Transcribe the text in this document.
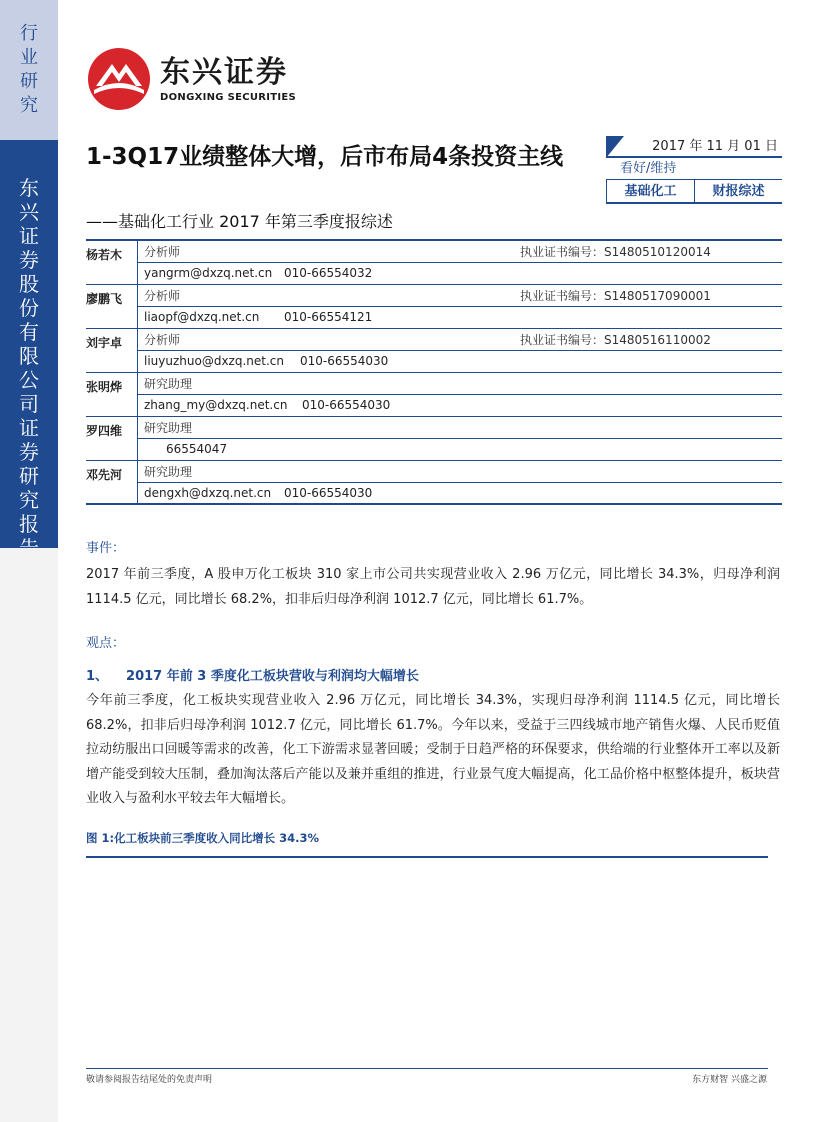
行
业
研
究
东
兴
证
券
股
份
有
限
公
司
证
券
研
究
报
东兴证券
DONGXING SECURITIES
1-3Q17业绩整体大增，后市布局4条投资主线
——基础化工行业 2017 年第三季度报综述
2017 年 11 月 01 日
看好/维持
基础化工	财报综述
杨若木	分析师	执业证书编号：S1480510120014
yangrm@dxzq.net.cn 010-66554032
廖鹏飞	分析师	执业证书编号：S1480517090001
liaopf@dxzq.net.cn	010-66554121
刘宇卓	分析师	执业证书编号：S1480516110002
liuyuzhuo@dxzq.net.cn	010-66554030
张明烨	研究助理
zhang_my@dxzq.net.cn	010-66554030
罗四维	研究助理
66554047
邓先河	研究助理
dengxh@dxzq.net.cn	010-66554030
事件：
2017 年前三季度，A 股申万化工板块 310 家上市公司共实现营业收入 2.96 万亿元，同比增长 34.3%，归母净利润 1114.5 亿元，同比增长 68.2%，扣非后归母净利润 1012.7 亿元，同比增长 61.7%。
观点：
1、 2017 年前 3 季度化工板块营收与利润均大幅增长
今年前三季度，化工板块实现营业收入 2.96 万亿元，同比增长 34.3%，实现归母净利润 1114.5 亿元，同比增长 68.2%，扣非后归母净利润 1012.7 亿元，同比增长 61.7%。今年以来，受益于三四线城市地产销售火爆、人民币贬值拉动纺服出口回暖等需求的改善，化工下游需求显著回暖；受制于日趋严格的环保要求，供给端的行业整体开工率以及新增产能受到较大压制，叠加淘汰落后产能以及兼并重组的推进，行业景气度大幅提高，化工品价格中枢整体提升，板块营业收入与盈利水平较去年大幅增长。
图 1:化工板块前三季度收入同比增长 34.3%
敬请参阅报告结尾处的免责声明	东方财智 兴盛之源
